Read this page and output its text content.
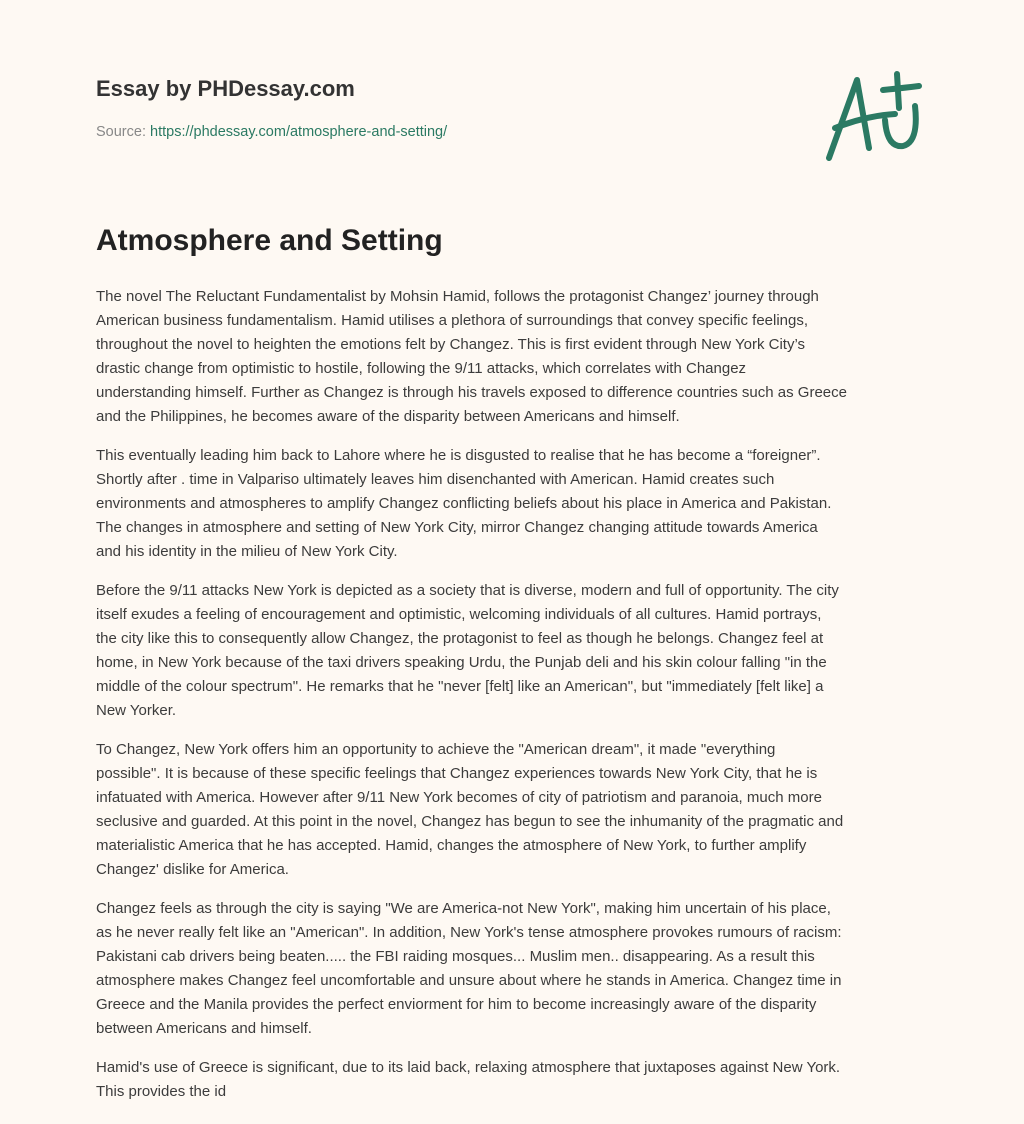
Essay by PHDessay.com
Source: https://phdessay.com/atmosphere-and-setting/
Atmosphere and Setting

The novel The Reluctant Fundamentalist by Mohsin Hamid, follows the protagonist Changez’ journey through
American business fundamentalism. Hamid utilises a plethora of surroundings that convey specific feelings,
throughout the novel to heighten the emotions felt by Changez. This is first evident through New York City’s
drastic change from optimistic to hostile, following the 9/11 attacks, which correlates with Changez
understanding himself. Further as Changez is through his travels exposed to difference countries such as Greece
and the Philippines, he becomes aware of the disparity between Americans and himself.

This eventually leading him back to Lahore where he is disgusted to realise that he has become a “foreigner”.
Shortly after . time in Valpariso ultimately leaves him disenchanted with American. Hamid creates such
environments and atmospheres to amplify Changez conflicting beliefs about his place in America and Pakistan.
The changes in atmosphere and setting of New York City, mirror Changez changing attitude towards America
and his identity in the milieu of New York City.

Before the 9/11 attacks New York is depicted as a society that is diverse, modern and full of opportunity. The city
itself exudes a feeling of encouragement and optimistic, welcoming individuals of all cultures. Hamid portrays,
the city like this to consequently allow Changez, the protagonist to feel as though he belongs. Changez feel at
home, in New York because of the taxi drivers speaking Urdu, the Punjab deli and his skin colour falling "in the
middle of the colour spectrum". He remarks that he "never [felt] like an American", but "immediately [felt like] a
New Yorker.

To Changez, New York offers him an opportunity to achieve the "American dream", it made "everything
possible". It is because of these specific feelings that Changez experiences towards New York City, that he is
infatuated with America. However after 9/11 New York becomes of city of patriotism and paranoia, much more
seclusive and guarded. At this point in the novel, Changez has begun to see the inhumanity of the pragmatic and
materialistic America that he has accepted. Hamid, changes the atmosphere of New York, to further amplify
Changez' dislike for America.

Changez feels as through the city is saying "We are America-not New York", making him uncertain of his place,
as he never really felt like an "American". In addition, New York's tense atmosphere provokes rumours of racism:
Pakistani cab drivers being beaten..... the FBI raiding mosques... Muslim men.. disappearing. As a result this
atmosphere makes Changez feel uncomfortable and unsure about where he stands in America. Changez time in
Greece and the Manila provides the perfect enviorment for him to become increasingly aware of the disparity
between Americans and himself.

Hamid's use of Greece is significant, due to its laid back, relaxing atmosphere that juxtaposes against New York.
This provides the id
